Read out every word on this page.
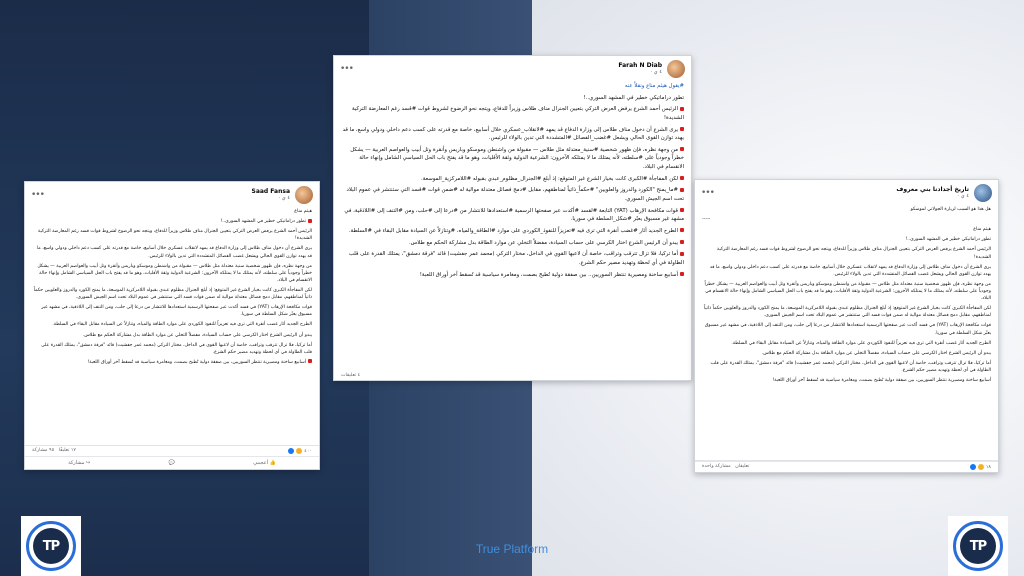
Saad Fansa
٤ ي ·
•••

هيثم مناع

تطور دراماتيكي خطير في المشهد السوري..!

الرئيس أحمد الشرع يرفض العرض التركي بتعيين الجنرال مناف طلاس وزيراً للدفاع، ويتجه نحو الرضوخ لشروط قوات قسد رغم المعارضة التركية الشديدة!

يرى الشرع أن دخول مناف طلاس إلى وزارة الدفاع قد يمهد لانقلاب عسكري خلال أسابيع، خاصة مع قدرته على كسب دعم داخلي ودولي واسع، ما قد يهدد توازن القوى الحالي ويشعل غضب الفصائل المتشددة التي تدين بالولاء للرئيس.

من وجهة نظره، فإن ظهور شخصية سنية معتدلة مثل طلاس — مقبولة من واشنطن وموسكو وباريس وأنقرة وتل أبيب والعواصم العربية — يشكل خطراً وجودياً على سلطته، لأنه يمتلك ما لا يمتلكه الآخرون: الشرعية الدولية وثقة الأقليات، وهو ما قد يفتح باب الحل السياسي الشامل وإنهاء حالة الانقسام في البلاد.

لكن المفاجأة الكبرى كانت بخيار الشرع غير المتوقع: إذ أبلغ الجنرال مظلوم عبدي بقبوله اللامركزية الموسعة، ما يمنح الكورد والدروز والعلويين حكماً ذاتياً لمناطقهم، مقابل دمج فصائل معتدلة موالية له ضمن قوات قسد التي ستنتشر في عموم البلاد تحت اسم الجيش السوري.

قوات مكافحة الإرهاب (YAT) في قسد أكدت عبر صفحتها الرسمية استعدادها للانتشار من درعا إلى حلب، ومن التنف إلى اللاذقية، في مشهد غير مسبوق يعبّر شكل السلطة في سوريا.

الطرح الجديد أثار غضب أنقرة التي ترى فيه تعزيزاً للنفوذ الكوردي على موارد الطاقة والمياه، وتنازلاً عن السيادة مقابل البقاء في السلطة.

يبدو أن الرئيس الشرع اختار الكرسي على حساب السيادة، مفضلاً التخلي عن موارد الطاقة بدل مشاركة الحكم مع طلاس.

أما تركيا، فلا تزال تترقب وتراقب، خاصة أن لاعبها القوي في الداخل، مختار التركي (محمد عمر جفشيت) قائد "فرقة دمشق"، يمتلك القدرة على قلب الطاولة في أي لحظة وتهديد مصير حكم الشرع.

أسابيع ساخنة ومصيرية تنتظر السوريين، بين صفقة دولية تُطبخ بصمت، ومغامرة سياسية قد تُسقط آخر أوراق اللعبة!

٤٠٠
١٧ تعليقًا   ٩٥ مشاركة
👍 أعجبني
💬
↪ مشاركة
Farah N Diab
٤ ي ·
•••

#يقول هيثم مناع ونقلاً عنه

تطور دراماتيكي خطير في المشهد السوري..!

الرئيس أحمد الشرع يرفض العرض التركي بتعيين الجنرال مناف طلاس وزيراً للدفاع، ويتجه نحو الرضوخ لشروط قوات #قسد رغم المعارضة التركية الشديدة!

يرى الشرع أن دخول مناف طلاس إلى وزارة الدفاع قد يمهد #لانقلاب_عسكري خلال أسابيع، خاصة مع قدرته على كسب دعم داخلي ودولي واسع، ما قد يهدد توازن القوى الحالي ويشعل #غضب_الفصائل #المتشددة التي تدين بالولاء للرئيس.

من وجهة نظره، فإن ظهور شخصية #سنية_معتدلة مثل طلاس — مقبولة من واشنطن وموسكو وباريس وأنقرة وتل أبيب والعواصم العربية — يشكل خطراً وجودياً على #سلطته، لأنه يمتلك ما لا يمتلكه الآخرون: الشرعية الدولية وثقة الأقليات، وهو ما قد يفتح باب الحل السياسي الشامل وإنهاء حالة الانقسام في البلاد.

لكن المفاجأة #الكبرى كانت بخيار الشرع غير المتوقع: إذ أبلغ #الجنرال_مظلوم_عبدي بقبوله #اللامركزية_الموسعة.

#ما_يمنح "الكورد والدروز والعلويين" #حكماً_ذاتياً لمناطقهم، مقابل #دمج فصائل معتدلة موالية له #ضمن قوات #قسد التي ستنتشر في عموم البلاد تحت اسم الجيش السوري.

قوات مكافحة الإرهاب (YAT) التابعة #لقسد #أكدت عبر صفحتها الرسمية #استعدادها للانتشار من #درعا إلى #حلب، ومن #التنف إلى #اللاذقية، في مشهد غير مسبوق يعبّر #شكل_السلطة في سوريا.

الطرح الجديد أثار #غضب أنقرة التي ترى فيه #تعزيزاً للنفوذ_الكوردي على موارد #الطاقة_والمياه، #وتنازلاً عن السيادة مقابل البقاء في #السلطة.

يبدو أن الرئيس الشرع اختار الكرسي على حساب السيادة، مفضلاً التخلي عن موارد الطاقة بدل مشاركة الحكم مع طلاس.

أما تركيا، فلا تزال تترقب وتراقب، خاصة أن لاعبها القوي في الداخل، مختار التركي (محمد عمر جفشيت) قائد "فرقة دمشق"، يمتلك القدرة على قلب الطاولة في أي لحظة وتهديد مصير حكم الشرع.

أسابيع ساخنة ومصيرية تنتظر السوريين.. بين صفقة دولية تُطبخ بصمت، ومغامرة سياسية قد تُسقط آخر أوراق اللعبة!

٤ تعليقات
تاريخ أجدادنا بني معروف
٤ ي ·
•••

هل هذا هو السبب لزيارة الجولاني لموسكو

-----

هيثم مناع

تطور دراماتيكي خطير في المشهد السوري..!

الرئيس أحمد الشرع يرفض العرض التركي بتعيين الجنرال مناف طلاس وزيراً للدفاع، ويتجه نحو الرضوخ لشروط قوات قسد رغم المعارضة التركية الشديدة!

يرى الشرع أن دخول مناف طلاس إلى وزارة الدفاع قد يمهد لانقلاب عسكري خلال أسابيع، خاصة مع قدرته على كسب دعم داخلي ودولي واسع، ما قد يهدد توازن القوى الحالي ويشعل غضب الفصائل المتشددة التي تدين بالولاء للرئيس.

من وجهة نظره، فإن ظهور شخصية سنية معتدلة مثل طلاس — مقبولة من واشنطن وموسكو وباريس وأنقرة وتل أبيب والعواصم العربية — يشكل خطراً وجودياً على سلطته، لأنه يمتلك ما لا يمتلكه الآخرون: الشرعية الدولية وثقة الأقليات، وهو ما قد يفتح باب الحل السياسي الشامل وإنهاء حالة الانقسام في البلاد.

لكن المفاجأة الكبرى كانت بخيار الشرع غير المتوقع: إذ أبلغ الجنرال مظلوم عبدي بقبوله اللامركزية الموسعة، ما يمنح الكورد والدروز والعلويين حكماً ذاتياً لمناطقهم، مقابل دمج فصائل معتدلة موالية له ضمن قوات قسد التي ستنتشر في عموم البلاد تحت اسم الجيش السوري.

قوات مكافحة الإرهاب (YAT) في قسد أكدت عبر صفحتها الرسمية استعدادها للانتشار من درعا إلى حلب، ومن التنف إلى اللاذقية، في مشهد غير مسبوق يعبّر شكل السلطة في سوريا.

الطرح الجديد أثار غضب أنقرة التي ترى فيه تعزيزاً للنفوذ الكوردي على موارد الطاقة والمياه، وتنازلاً عن السيادة مقابل البقاء في السلطة.

يبدو أن الرئيس الشرع اختار الكرسي على حساب السيادة، مفضلاً التخلي عن موارد الطاقة بدل مشاركة الحكم مع طلاس.

أما تركيا، فلا تزال تترقب وتراقب، خاصة أن لاعبها القوي في الداخل، مختار التركي (محمد عمر جفشيت) قائد "فرقة دمشق"، يمتلك القدرة على قلب الطاولة في أي لحظة وتهديد مصير حكم الشرع.

أسابيع ساخنة ومصيرية تنتظر السوريين، بين صفقة دولية تُطبخ بصمت، ومغامرة سياسية قد تُسقط آخر أوراق اللعبة!

١٨
تعليقان   مشاركة واحدة
TP	TP
True Platform
